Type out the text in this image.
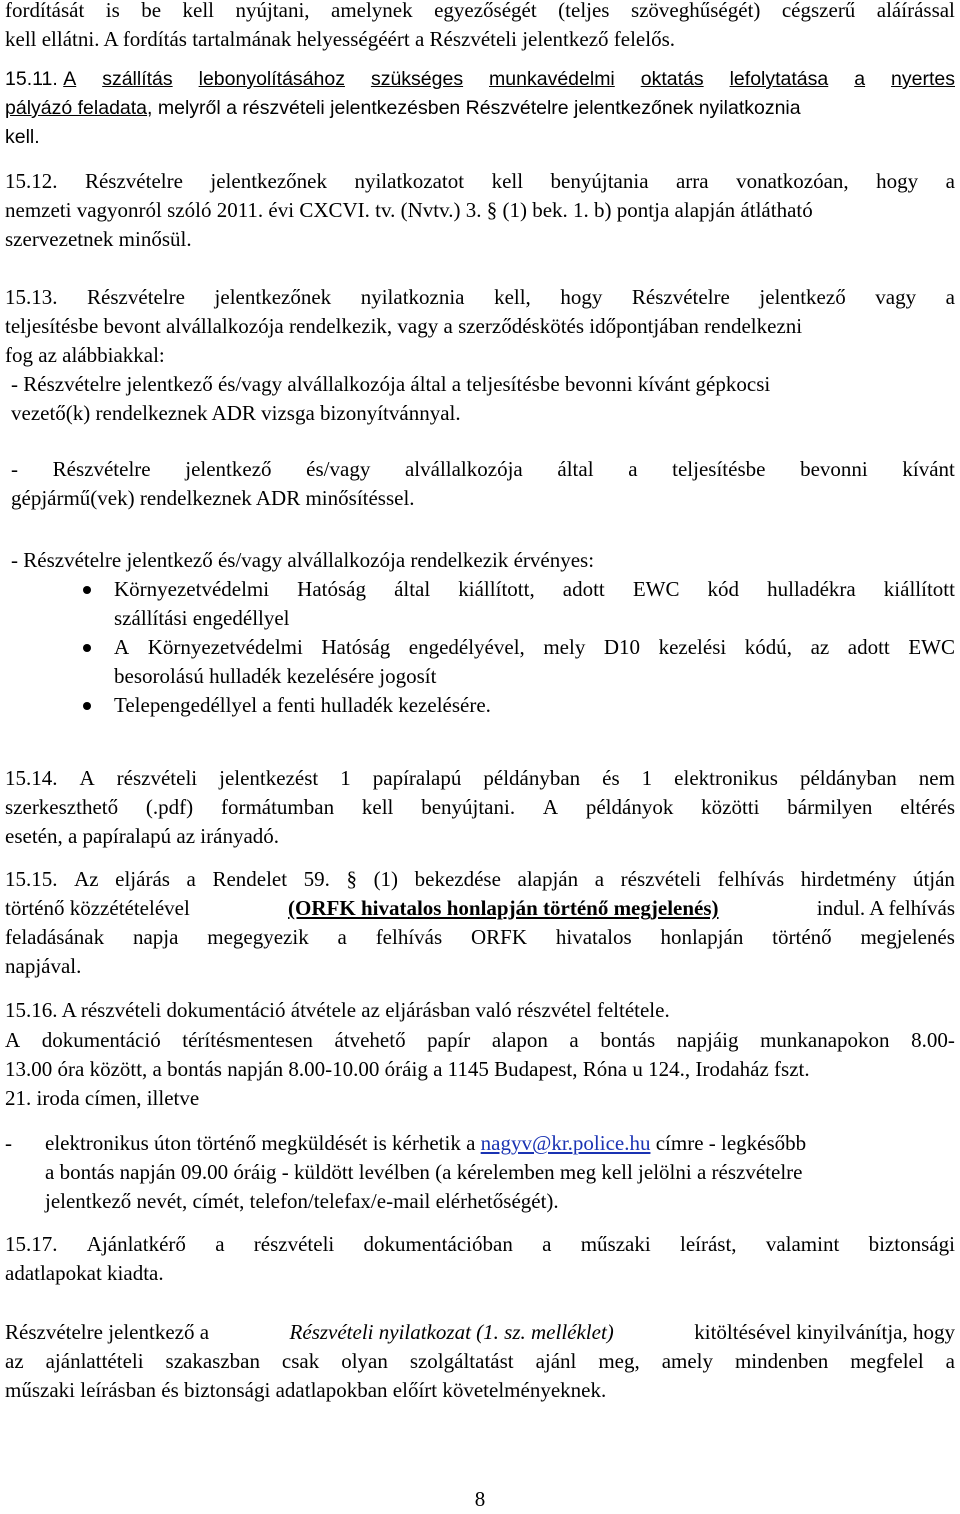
fordítását is be kell nyújtani, amelynek egyezőségét (teljes szöveghűségét) cégszerű aláírással
kell ellátni. A fordítás tartalmának helyességéért a Részvételi jelentkező felelős.
15.11.
A szállítás lebonyolításához szükséges munkavédelmi oktatás lefolytatása a nyertes
pályázó feladata , melyről a részvételi jelentkezésben Részvételre jelentkezőnek nyilatkoznia
kell.
15.12. Részvételre jelentkezőnek nyilatkozatot kell benyújtania arra vonatkozóan, hogy a
nemzeti vagyonról szóló 2011. évi CXCVI. tv. (Nvtv.) 3. § (1) bek. 1. b) pontja alapján átlátható
szervezetnek minősül.
15.13. Részvételre jelentkezőnek nyilatkoznia kell, hogy Részvételre jelentkező vagy a
teljesítésbe bevont alvállalkozója rendelkezik, vagy a szerződéskötés időpontjában rendelkezni
fog az alábbiakkal:
- Részvételre jelentkező és/vagy alvállalkozója által a teljesítésbe bevonni kívánt gépkocsi
vezető(k) rendelkeznek ADR vizsga bizonyítvánnyal.
- Részvételre jelentkező és/vagy alvállalkozója által a teljesítésbe bevonni kívánt
gépjármű(vek) rendelkeznek ADR minősítéssel.
- Részvételre jelentkező és/vagy alvállalkozója rendelkezik érvényes:
Környezetvédelmi Hatóság által kiállított, adott EWC kód hulladékra kiállított
szállítási engedéllyel
A Környezetvédelmi Hatóság engedélyével, mely D10 kezelési kódú, az adott EWC
besorolású hulladék kezelésére jogosít
Telepengedéllyel a fenti hulladék kezelésére.
15.14. A részvételi jelentkezést 1 papíralapú példányban és 1 elektronikus példányban nem
szerkeszthető (.pdf) formátumban kell benyújtani. A példányok közötti bármilyen eltérés
esetén, a papíralapú az irányadó.
15.15. Az eljárás a Rendelet 59. § (1) bekezdése alapján a részvételi felhívás hirdetmény útján
történő közzétételével	(ORFK hivatalos honlapján történő megjelenés)	indul. A felhívás
feladásának napja megegyezik a felhívás ORFK hivatalos honlapján történő megjelenés
napjával.
15.16. A részvételi dokumentáció átvétele az eljárásban való részvétel feltétele.
A dokumentáció térítésmentesen átvehető papír alapon a bontás napjáig munkanapokon 8.00-
13.00 óra között, a bontás napján 8.00-10.00 óráig a 1145 Budapest, Róna u 124., Irodaház fszt.
21. iroda címen, illetve
- elektronikus úton történő megküldését is kérhetik a
nagyv@kr.police.hu
címre - legkésőbb
a bontás napján 09.00 óráig - küldött levélben (a kérelemben meg kell jelölni a részvételre
jelentkező nevét, címét, telefon/telefax/e-mail elérhetőségét).
15.17. Ajánlatkérő a részvételi dokumentációban a műszaki leírást, valamint biztonsági
adatlapokat kiadta.
Részvételre jelentkező a	Részvételi nyilatkozat (1. sz. melléklet)	kitöltésével kinyilvánítja, hogy
az ajánlattételi szakaszban csak olyan szolgáltatást ajánl meg, amely mindenben megfelel a
műszaki leírásban és biztonsági adatlapokban előírt követelményeknek.
8
